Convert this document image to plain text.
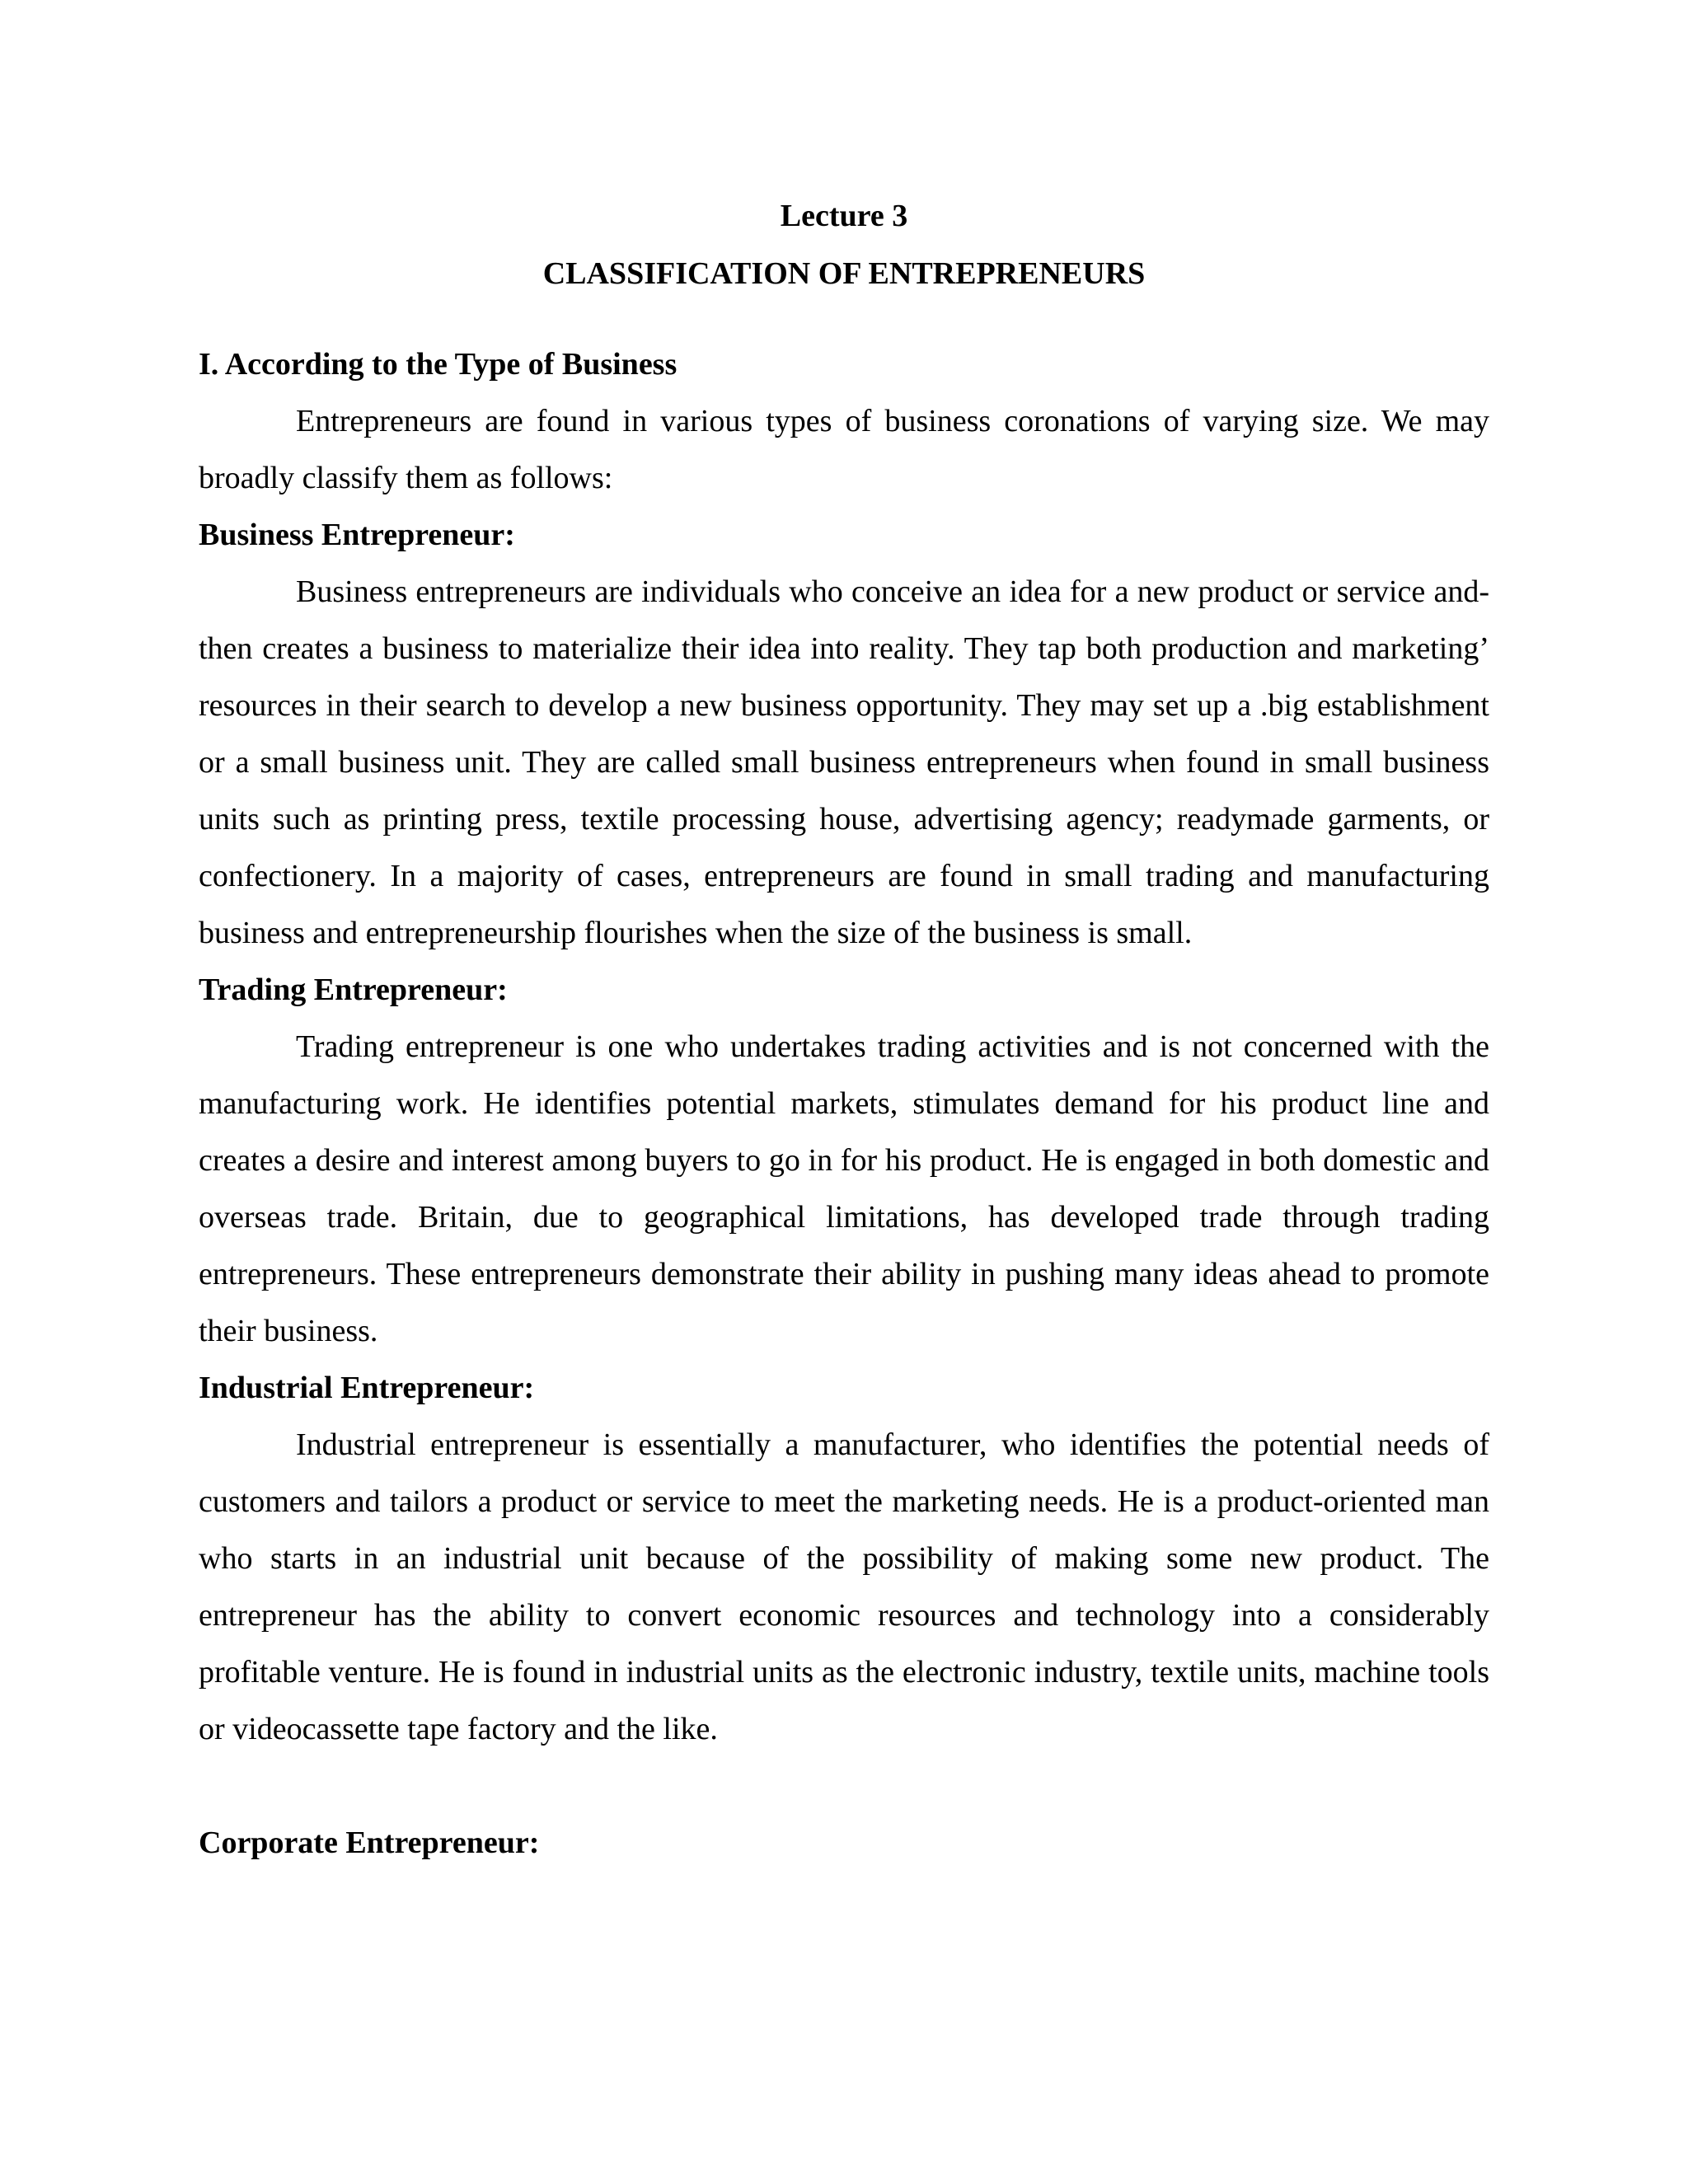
Lecture 3
CLASSIFICATION OF ENTREPRENEURS
I. According to the Type of Business

Entrepreneurs are found in various types of business coronations of varying size. We may broadly classify them as follows:

Business Entrepreneur:

Business entrepreneurs are individuals who conceive an idea for a new product or service and-then creates a business to materialize their idea into reality. They tap both production and marketing’ resources in their search to develop a new business opportunity. They may set up a .big establishment or a small business unit. They are called small business entrepreneurs when found in small business units such as printing press, textile processing house, advertising agency; readymade garments, or confectionery. In a majority of cases, entrepreneurs are found in small trading and manufacturing business and entrepreneurship flourishes when the size of the business is small.

Trading Entrepreneur:

Trading entrepreneur is one who undertakes trading activities and is not concerned with the manufacturing work. He identifies potential markets, stimulates demand for his product line and creates a desire and interest among buyers to go in for his product. He is engaged in both domestic and overseas trade. Britain, due to geographical limitations, has developed trade through trading entrepreneurs. These entrepreneurs demonstrate their ability in pushing many ideas ahead to promote their business.

Industrial Entrepreneur:

Industrial entrepreneur is essentially a manufacturer, who identifies the potential needs of customers and tailors a product or service to meet the marketing needs. He is a product-oriented man who starts in an industrial unit because of the possibility of making some new product. The entrepreneur has the ability to convert economic resources and technology into a considerably profitable venture. He is found in industrial units as the electronic industry, textile units, machine tools or videocassette tape factory and the like.

Corporate Entrepreneur:
